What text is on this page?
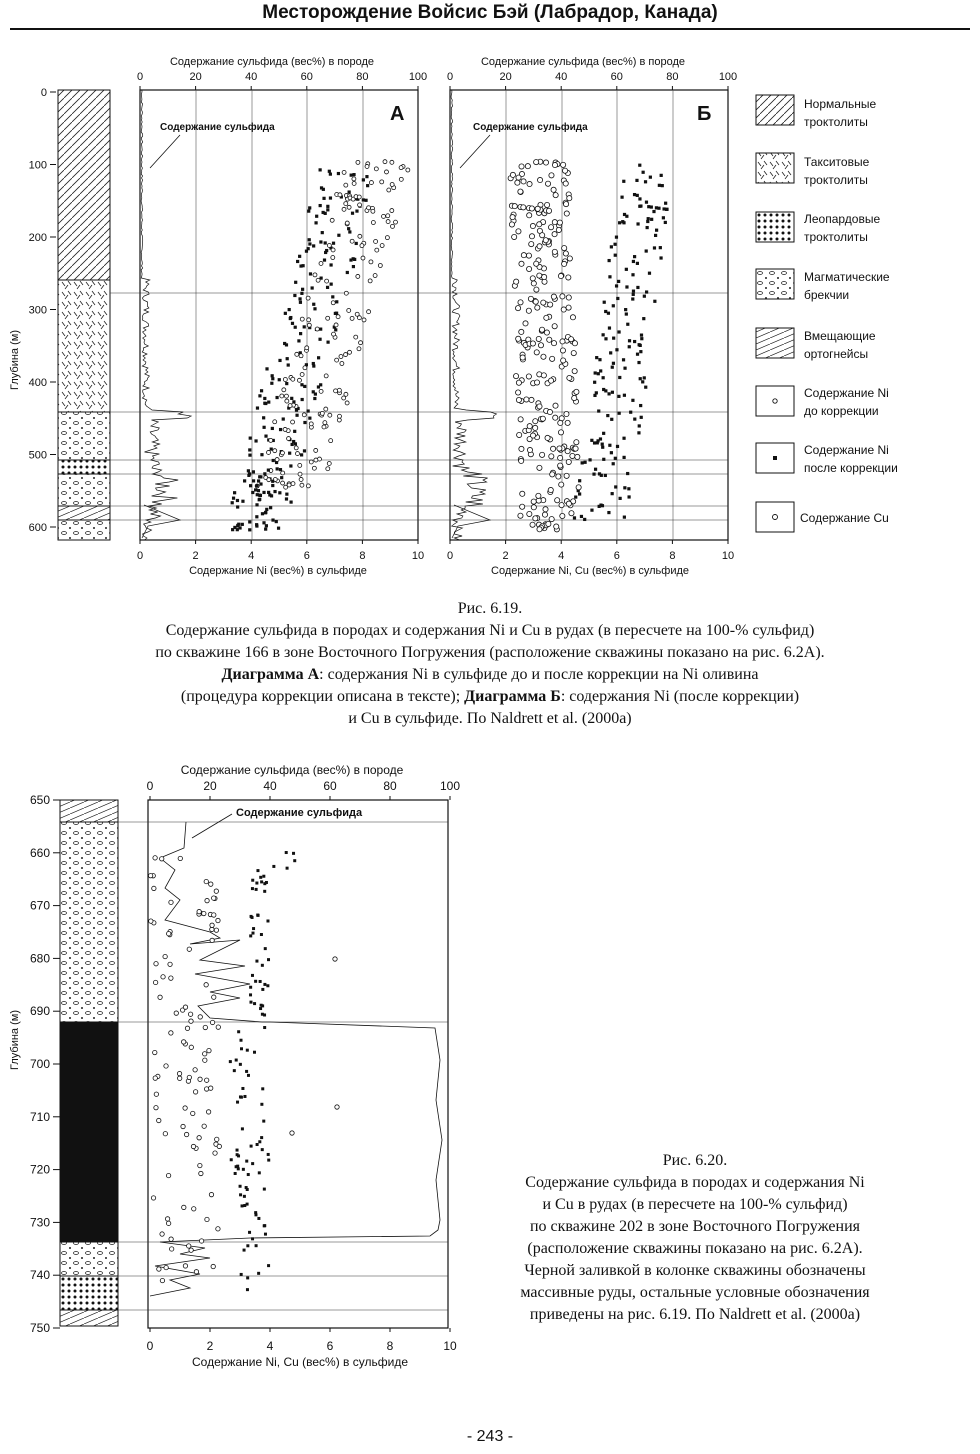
Месторождение Войсис Бэй (Лабрадор, Канада)
Содержание сульфида (вес%) в породе	Содержание сульфида (вес%) в породе
0	20	40	60	80	100 0	20	40	60	80	100
0	2	4	6	8	10 0	2	4	6	8	10
Глубина (м)
0
100
200
300
400
500
600
А
Содержание сульфида
Б
Содержание сульфида
Нормальные
троктолиты
Такситовые
троктолиты
Леопардовые
троктолиты
Магматические
брекчии
Вмещающие
ортогнейсы
Содержание Ni
до коррекции
Содержание Ni
после коррекции
Содержание Cu
Содержание Ni (вес%) в сульфиде	Содержание Ni, Cu (вес%) в сульфиде

Рис. 6.19.

Содержание сульфида в породах и содержания Ni и Cu в рудах (в пересчете на 100-% сульфид)

по скважине 166 в зоне Восточного Погружения (расположение скважины показано на рис. 6.2А).

Диаграмма А: содержания Ni в сульфиде до и после коррекции на Ni оливина

(процедура коррекции описана в тексте); Диаграмма Б: содержания Ni (после коррекции)

и Cu в сульфиде. По Naldrett et al. (2000a)

Содержание сульфида (вес%) в породе
0	20	40	60	80	100
0	2	4	6	8	10
650
660
670
680
690
700
710
720
730
740
750
Глубина (м)
Содержание сульфида
Содержание Ni, Cu (вес%) в сульфиде

Рис. 6.20.

Содержание сульфида в породах и содержания Ni

и Cu в рудах (в пересчете на 100-% сульфид)

по скважине 202 в зоне Восточного Погружения

(расположение скважины показано на рис. 6.2А).

Черной заливкой в колонке скважины обозначены

массивные руды, остальные условные обозначения

приведены на рис. 6.19. По Naldrett et al. (2000a)

- 243 -
